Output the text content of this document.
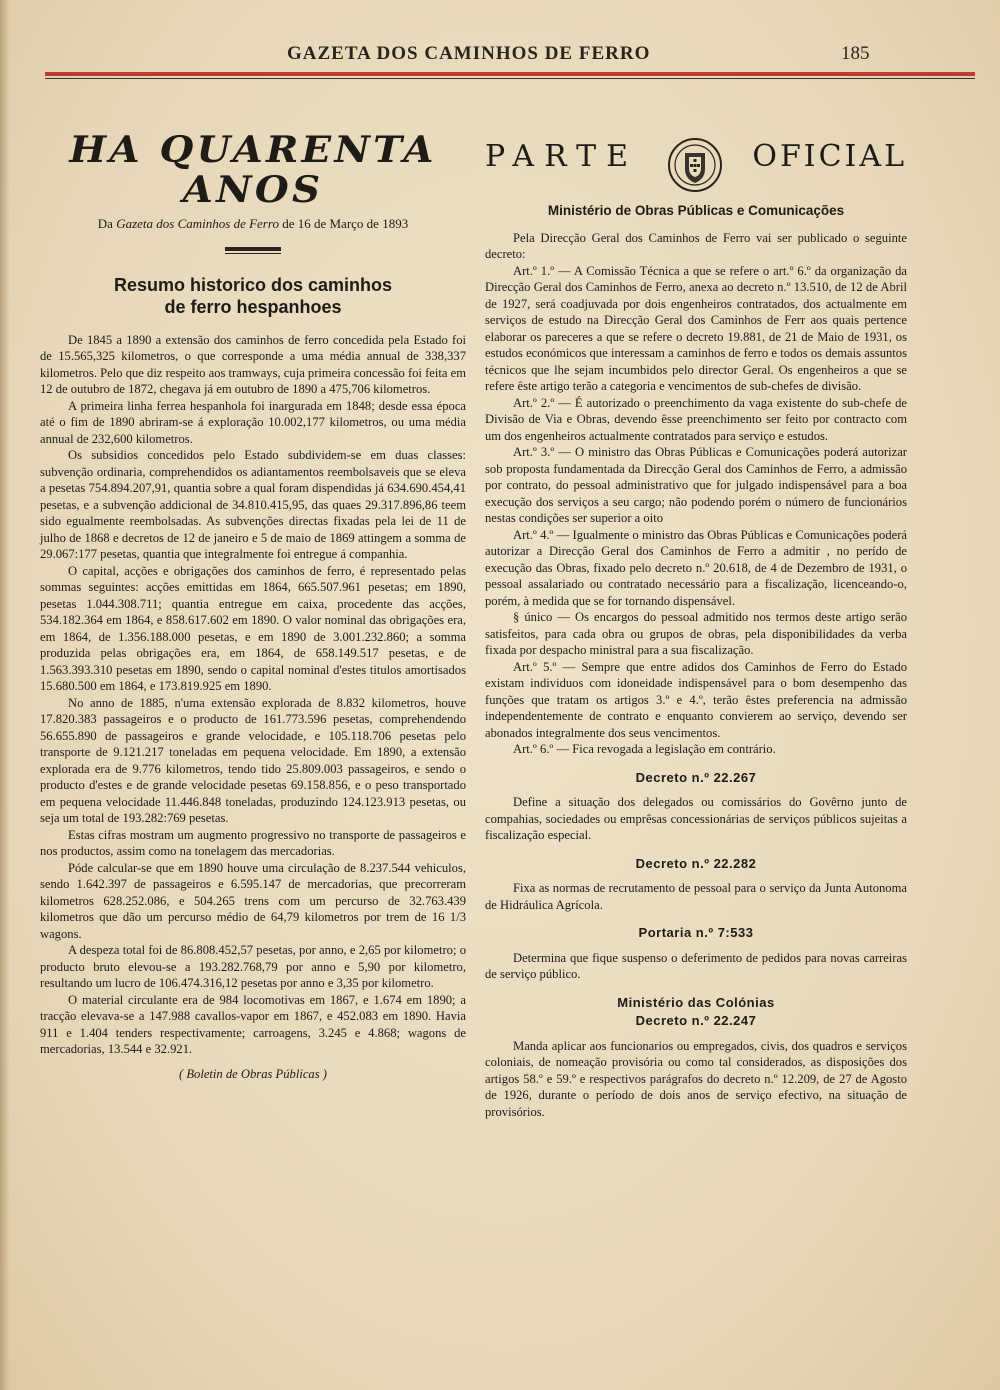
GAZETA DOS CAMINHOS DE FERRO	185
HA QUARENTA ANOS
Da Gazeta dos Caminhos de Ferro de 16 de Março de 1893
Resumo historico dos caminhos
de ferro hespanhoes

De 1845 a 1890 a extensão dos caminhos de ferro concedida pela Estado foi de 15.565,325 kilometros, o que corresponde a uma média annual de 338,337 kilometros. Pelo que diz respeito aos tramways, cuja primeira concessão foi feita em 12 de outubro de 1872, chegava já em outubro de 1890 a 475,706 kilometros.

A primeira linha ferrea hespanhola foi inargurada em 1848; desde essa época até o fim de 1890 abriram-se á exploração 10.002,177 kilometros, ou uma média annual de 232,600 kilometros.

Os subsidios concedidos pelo Estado subdividem-se em duas classes: subvenção ordinaria, comprehendidos os adiantamentos reembolsaveis que se eleva a pesetas 754.894.207,91, quantia sobre a qual foram dispendidas já 634.690.454,41 pesetas, e a subvenção addicional de 34.810.415,95, das quaes 29.317.896,86 teem sido egualmente reembolsadas. As subvenções directas fixadas pela lei de 11 de julho de 1868 e decretos de 12 de janeiro e 5 de maio de 1869 attingem a somma de 29.067:177 pesetas, quantia que integralmente foi entregue á companhia.

O capital, acções e obrigações dos caminhos de ferro, é representado pelas sommas seguintes: acções emittidas em 1864, 665.507.961 pesetas; em 1890, pesetas 1.044.308.711; quantia entregue em caixa, procedente das acções, 534.182.364 em 1864, e 858.617.602 em 1890. O valor nominal das obrigações era, em 1864, de 1.356.188.000 pesetas, e em 1890 de 3.001.232.860; a somma produzida pelas obrigações era, em 1864, de 658.149.517 pesetas, e de 1.563.393.310 pesetas em 1890, sendo o capital nominal d'estes titulos amortisados 15.680.500 em 1864, e 173.819.925 em 1890.

No anno de 1885, n'uma extensão explorada de 8.832 kilometros, houve 17.820.383 passageiros e o producto de 161.773.596 pesetas, comprehendendo 56.655.890 de passageiros e grande velocidade, e 105.118.706 pesetas pelo transporte de 9.121.217 toneladas em pequena velocidade. Em 1890, a extensão explorada era de 9.776 kilometros, tendo tido 25.809.003 passageiros, e sendo o producto d'estes e de grande velocidade pesetas 69.158.856, e o peso transportado em pequena velocidade 11.446.848 toneladas, produzindo 124.123.913 pesetas, ou seja um total de 193.282:769 pesetas.

Estas cifras mostram um augmento progressivo no transporte de passageiros e nos productos, assim como na tonelagem das mercadorias.

Póde calcular-se que em 1890 houve uma circulação de 8.237.544 vehiculos, sendo 1.642.397 de passageiros e 6.595.147 de mercadorias, que precorreram kilometros 628.252.086, e 504.265 trens com um percurso de 32.763.439 kilometros que dão um percurso médio de 64,79 kilometros por trem de 16 1/3 wagons.

A despeza total foi de 86.808.452,57 pesetas, por anno, e 2,65 por kilometro; o producto bruto elevou-se a 193.282.768,79 por anno e 5,90 por kilometro, resultando um lucro de 106.474.316,12 pesetas por anno e 3,35 por kilometro.

O material circulante era de 984 locomotivas em 1867, e 1.674 em 1890; a tracção elevava-se a 147.988 cavallos-vapor em 1867, e 452.083 em 1890. Havia 911 e 1.404 tenders respectivamente; carroagens, 3.245 e 4.868; wagons de mercadorias, 13.544 e 32.921.

( Boletin de Obras Públicas )

PARTE	OFICIAL

Ministério de Obras Públicas e Comunicações

Pela Direcção Geral dos Caminhos de Ferro vai ser publicado o seguinte decreto:

Art.º 1.º — A Comissão Técnica a que se refere o art.º 6.º da organização da Direcção Geral dos Caminhos de Ferro, anexa ao decreto n.º 13.510, de 12 de Abril de 1927, será coadjuvada por dois engenheiros contratados, dos actualmente em serviços de estudo na Direcção Geral dos Caminhos de Ferr aos quais pertence elaborar os pareceres a que se refere o decreto 19.881, de 21 de Maio de 1931, os estudos económicos que interessam a caminhos de ferro e todos os demais assuntos técnicos que lhe sejam incumbidos pelo director Geral. Os engenheiros a que se refere êste artigo terão a categoria e vencimentos de sub-chefes de divisão.

Art.º 2.º — É autorizado o preenchimento da vaga existente do sub-chefe de Divisão de Via e Obras, devendo êsse preenchimento ser feito por contracto com um dos engenheiros actualmente contratados para serviço e estudos.

Art.º 3.º — O ministro das Obras Públicas e Comunicações poderá autorizar sob proposta fundamentada da Direcção Geral dos Caminhos de Ferro, a admissão por contrato, do pessoal administrativo que for julgado indispensável para a boa execução dos serviços a seu cargo; não podendo porém o número de funcionários nestas condições ser superior a oito

Art.º 4.º — Igualmente o ministro das Obras Públicas e Comunicações poderá autorizar a Direcção Geral dos Caminhos de Ferro a admitir , no perído de execução das Obras, fixado pelo decreto n.º 20.618, de 4 de Dezembro de 1931, o pessoal assalariado ou contratado necessário para a fiscalização, licenceando-o, porém, à medida que se for tornando dispensável.

§ único — Os encargos do pessoal admitido nos termos deste artigo serão satisfeitos, para cada obra ou grupos de obras, pela disponibilidades da verba fixada por despacho ministral para a sua fiscalização.

Art.º 5.º — Sempre que entre adidos dos Caminhos de Ferro do Estado existam individuos com idoneidade indispensável para o bom desempenho das funções que tratam os artigos 3.º e 4.º, terão êstes preferencia na admissão independentemente de contrato e enquanto convierem ao serviço, devendo ser abonados integralmente dos seus vencimentos.

Art.º 6.º — Fica revogada a legislação em contrário.

Decreto n.º 22.267

Define a situação dos delegados ou comissários do Govêrno junto de compahias, sociedades ou emprêsas concessionárias de serviços públicos sujeitas a fiscalização especial.

Decreto n.º 22.282

Fixa as normas de recrutamento de pessoal para o serviço da Junta Autonoma de Hidráulica Agrícola.

Portaria n.º 7:533

Determina que fique suspenso o deferimento de pedidos para novas carreiras de serviço público.

Ministério das Colónias

Decreto n.º 22.247

Manda aplicar aos funcionarios ou empregados, civis, dos quadros e serviços coloniais, de nomeação provisória ou como tal considerados, as disposições dos artigos 58.º e 59.º e respectivos parágrafos do decreto n.º 12.209, de 27 de Agosto de 1926, durante o período de dois anos de serviço efectivo, na situação de provisórios.
